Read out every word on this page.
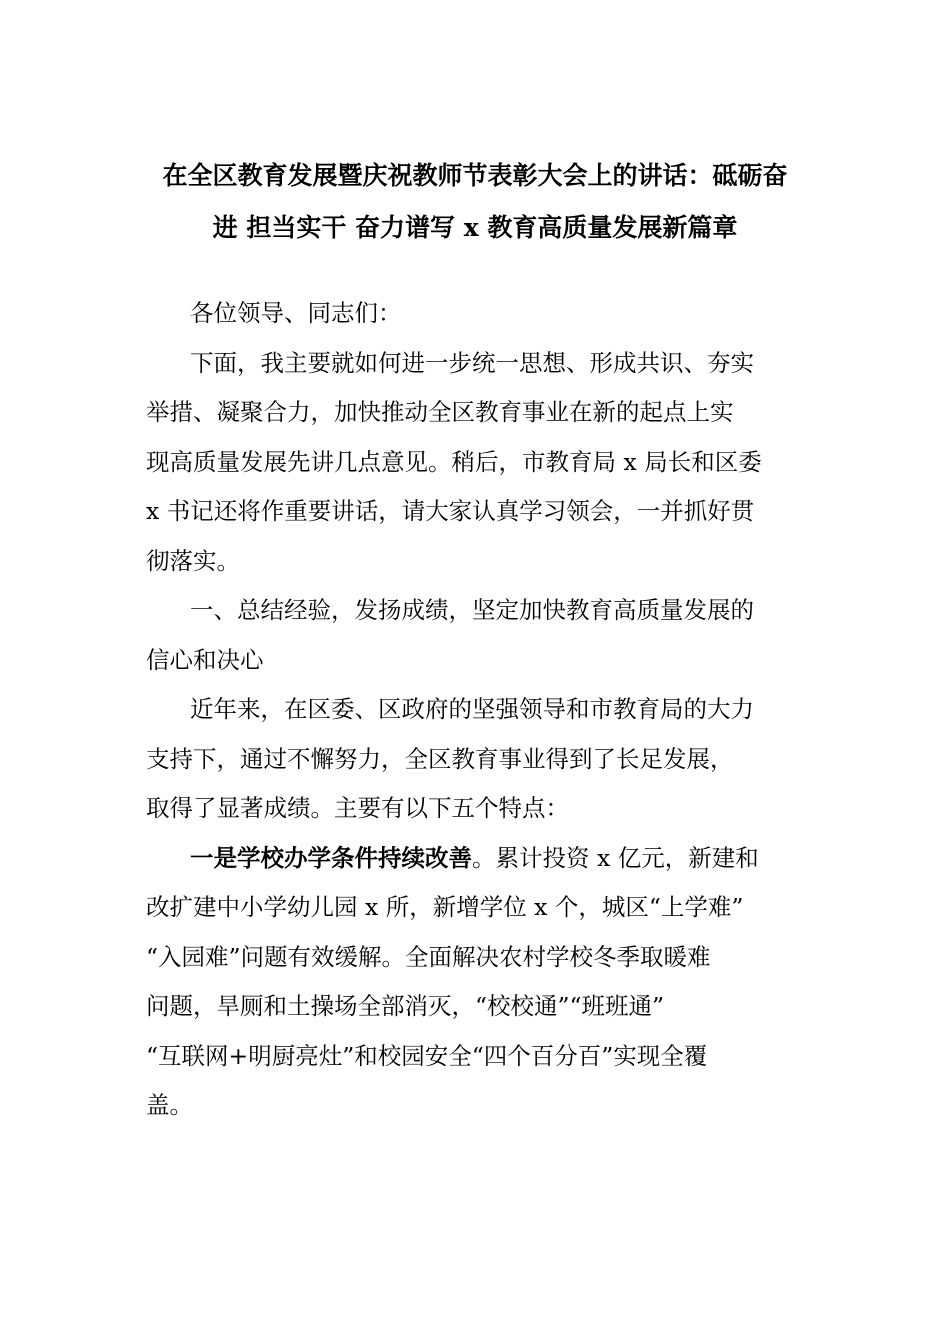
在全区教育发展暨庆祝教师节表彰大会上的讲话：砥砺奋
进 担当实干 奋力谱写 x 教育高质量发展新篇章
各位领导、同志们：
下面，我主要就如何进一步统一思想、形成共识、夯实
举措、凝聚合力，加快推动全区教育事业在新的起点上实
现高质量发展先讲几点意见。稍后，市教育局 x 局长和区委
x 书记还将作重要讲话，请大家认真学习领会，一并抓好贯
彻落实。
一、总结经验，发扬成绩，坚定加快教育高质量发展的
信心和决心
近年来，在区委、区政府的坚强领导和市教育局的大力
支持下，通过不懈努力，全区教育事业得到了长足发展，
取得了显著成绩。主要有以下五个特点：
一是学校办学条件持续改善。累计投资 x 亿元，新建和
改扩建中小学幼儿园 x 所，新增学位 x 个，城区“上学难”
“入园难”问题有效缓解。全面解决农村学校冬季取暖难
问题，旱厕和土操场全部消灭，“校校通”“班班通”
“互联网+明厨亮灶”和校园安全“四个百分百”实现全覆
盖。
